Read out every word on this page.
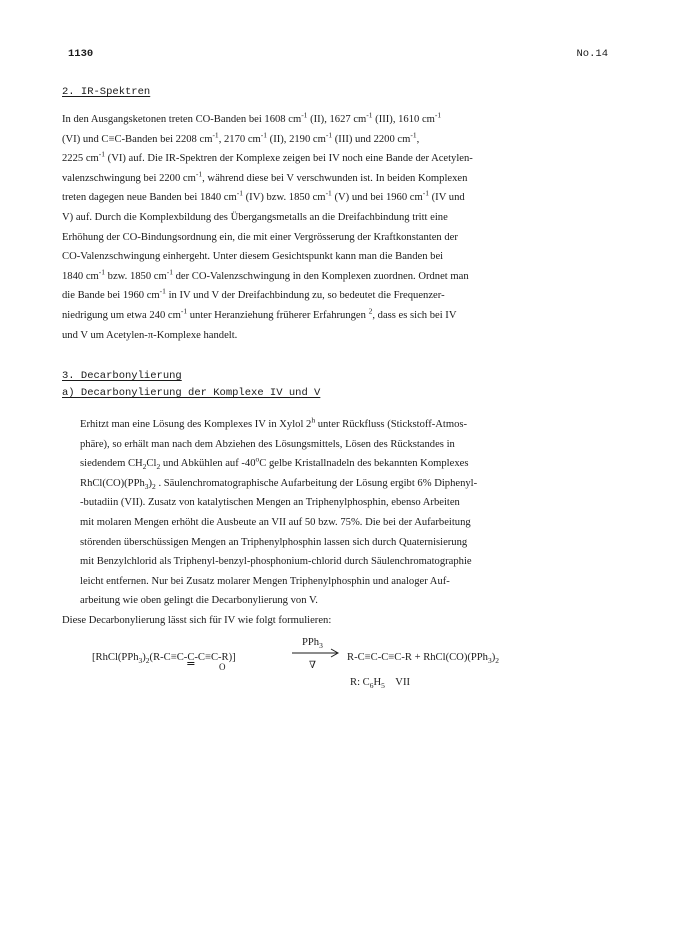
1130	No.14
2. IR-Spektren
In den Ausgangsketonen treten CO-Banden bei 1608 $cm^{-1}$ (II), 1627 $cm^{-1}$ (III), 1610 $cm^{-1}$
(VI) und C≡C-Banden bei 2208 $cm^{-1}$, 2170 $cm^{-1}$ (II), 2190 $cm^{-1}$ (III) und 2200 $cm^{-1}$,
2225 $cm^{-1}$ (VI) auf. Die IR-Spektren der Komplexe zeigen bei IV noch eine Bande der Acetylen-
valenzschwingung bei 2200 $cm^{-1}$, während diese bei V verschwunden ist. In beiden Komplexen
treten dagegen neue Banden bei 1840 $cm^{-1}$ (IV) bzw. 1850 $cm^{-1}$ (V) und bei 1960 $cm^{-1}$ (IV und
V) auf. Durch die Komplexbildung des Übergangsmetalls an die Dreifachbindung tritt eine
Erhöhung der CO-Bindungsordnung ein, die mit einer Vergrösserung der Kraftkonstanten der
CO-Valenzschwingung einhergeht. Unter diesem Gesichtspunkt kann man die Banden bei
1840 $cm^{-1}$ bzw. 1850 $cm^{-1}$ der CO-Valenzschwingung in den Komplexen zuordnen. Ordnet man
die Bande bei 1960 $cm^{-1}$ in IV und V der Dreifachbindung zu, so bedeutet die Frequenzer-
niedrigung um etwa 240 $cm^{-1}$ unter Heranziehung früherer Erfahrungen $^2$, dass es sich bei IV
und V um Acetylen-π-Komplexe handelt.
3. Decarbonylierung
a) Decarbonylierung der Komplexe IV und V
Erhitzt man eine Lösung des Komplexes IV in Xylol 2$^h$ unter Rückfluss (Stickstoff-Atmos-
phäre), so erhält man nach dem Abziehen des Lösungsmittels, Lösen des Rückstandes in
siedendem $CH_2Cl_2$ und Abkühlen auf -40$^o$C gelbe Kristallnadeln des bekannten Komplexes
$RhCl(CO)(PPh_3)_2$ . Säulenchromatographische Aufarbeitung der Lösung ergibt 6% Diphenyl-
-butadiin (VII). Zusatz von katalytischen Mengen an Triphenylphosphin, ebenso Arbeiten
mit molaren Mengen erhöht die Ausbeute an VII auf 50 bzw. 75%. Die bei der Aufarbeitung
störenden überschüssigen Mengen an Triphenylphosphin lassen sich durch Quaternisierung
mit Benzylchlorid als Triphenyl-benzyl-phosphonium-chlorid durch Säulenchromatographie
leicht entfernen. Nur bei Zusatz molarer Mengen Triphenylphosphin und analoger Auf-
arbeitung wie oben gelingt die Decarbonylierung von V.
Diese Decarbonylierung lässt sich für IV wie folgt formulieren:
$[RhCl(PPh_3)_2(R-C\equiv C-C-C\equiv C-R)]$
O
PPh$_3$
∇
$R-C\equiv C-C\equiv C-R + RhCl(CO)(PPh_3)_2$
R: $C_6H_5$    VII
